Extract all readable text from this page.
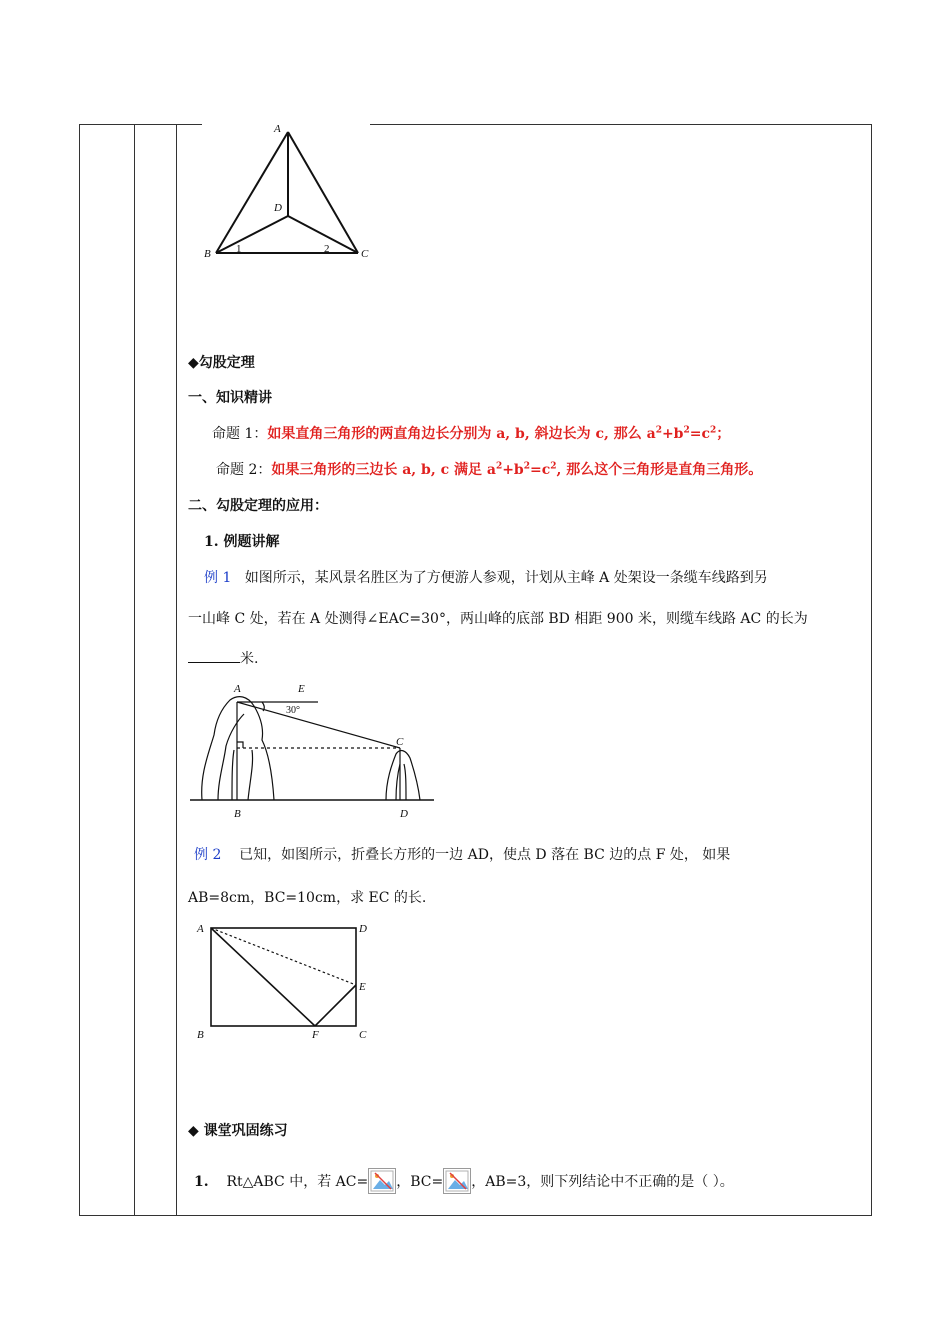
A
D
B	C
1	2
◆勾股定理
一、知识精讲
命题 1：如果直角三角形的两直角边长分别为 a, b, 斜边长为 c, 那么 $a^2+b^2=c^2$；
命题 2：如果三角形的三边长 a, b, c 满足 $a^2+b^2=c^2$, 那么这个三角形是直角三角形。
二、勾股定理的应用：
1. 例题讲解
例 1 如图所示，某风景名胜区为了方便游人参观，计划从主峰 A 处架设一条缆车线路到另
一山峰 C 处，若在 A 处测得∠EAC=30°，两山峰的底部 BD 相距 900 米，则缆车线路 AC 的长为
米.
A	E
30°
C
B	D
例 2 已知，如图所示，折叠长方形的一边 AD，使点 D 落在 BC 边的点 F 处， 如果
AB=8cm，BC=10cm，求 EC 的长.
A	D
E
B	F	C
◆ 课堂巩固练习
1. Rt△ABC 中，若 AC= ，BC= ，AB=3，则下列结论中不正确的是（ ）。
